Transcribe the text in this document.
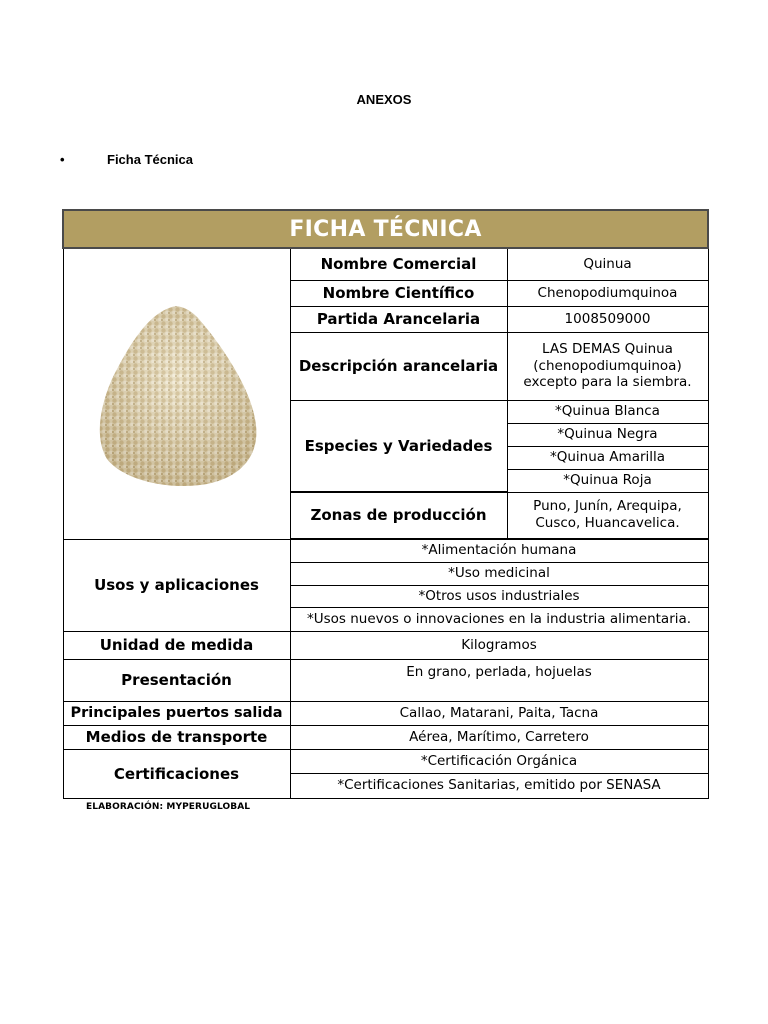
ANEXOS
•	Ficha Técnica
FICHA TÉCNICA		

	Nombre Comercial	Quinua
	Nombre Científico	Chenopodiumquinoa
	Partida Arancelaria	1008509000
	Descripción arancelaria	LAS DEMAS Quinua
(chenopodiumquinoa)
excepto para la siembra.

	Especies y Variedades	*Quinua Blanca
		*Quinua Negra
		*Quinua Amarilla
		*Quinua Roja
	Zonas de producción	Puno, Junín, Arequipa,
Cusco, Huancavelica.

Usos y aplicaciones	*Alimentación humana	
	*Uso medicinal	
	*Otros usos industriales	
	*Usos nuevos o innovaciones en la industria alimentaria.	
Unidad de medida	Kilogramos	
Presentación	En grano, perlada, hojuelas	
Principales puertos salida	Callao, Matarani, Paita, Tacna	
Medios de transporte	Aérea, Marítimo, Carretero	
Certificaciones	*Certificación Orgánica	
	*Certificaciones Sanitarias, emitido por SENASA	
ELABORACIÓN: MYPERUGLOBAL
